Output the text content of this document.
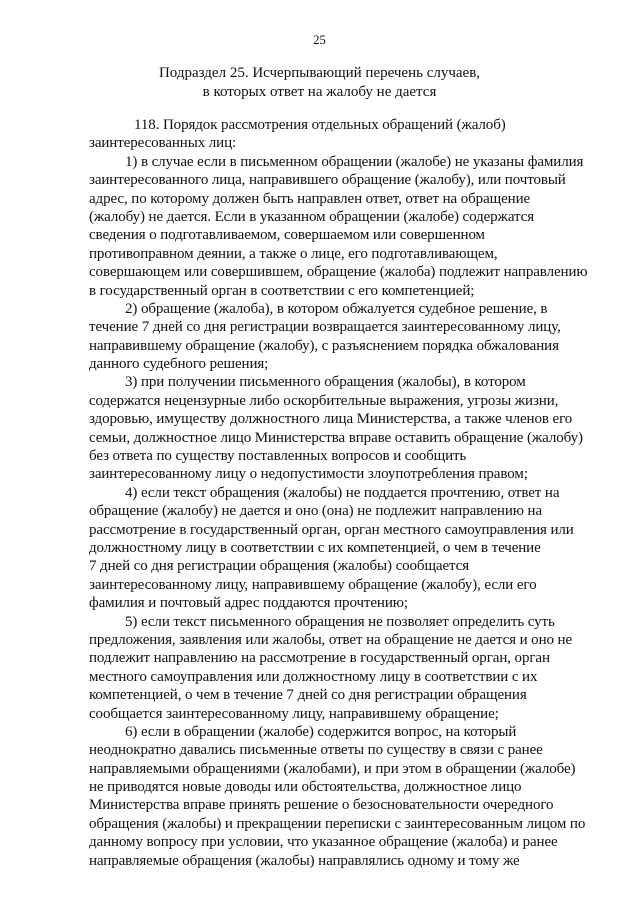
25
Подраздел 25. Исчерпывающий перечень случаев,
в которых ответ на жалобу не дается
118. Порядок рассмотрения отдельных обращений (жалоб)
заинтересованных лиц:
1) в случае если в письменном обращении (жалобе) не указаны фамилия
заинтересованного лица, направившего обращение (жалобу), или почтовый
адрес, по которому должен быть направлен ответ, ответ на обращение
(жалобу) не дается. Если в указанном обращении (жалобе) содержатся
сведения о подготавливаемом, совершаемом или совершенном
противоправном деянии, а также о лице, его подготавливающем,
совершающем или совершившем, обращение (жалоба) подлежит направлению
в государственный орган в соответствии с его компетенцией;
2) обращение (жалоба), в котором обжалуется судебное решение, в
течение 7 дней со дня регистрации возвращается заинтересованному лицу,
направившему обращение (жалобу), с разъяснением порядка обжалования
данного судебного решения;
3) при получении письменного обращения (жалобы), в котором
содержатся нецензурные либо оскорбительные выражения, угрозы жизни,
здоровью, имуществу должностного лица Министерства, а также членов его
семьи, должностное лицо Министерства вправе оставить обращение (жалобу)
без ответа по существу поставленных вопросов и сообщить
заинтересованному лицу о недопустимости злоупотребления правом;
4) если текст обращения (жалобы) не поддается прочтению, ответ на
обращение (жалобу) не дается и оно (она) не подлежит направлению на
рассмотрение в государственный орган, орган местного самоуправления или
должностному лицу в соответствии с их компетенцией, о чем в течение
7 дней со дня регистрации обращения (жалобы) сообщается
заинтересованному лицу, направившему обращение (жалобу), если его
фамилия и почтовый адрес поддаются прочтению;
5) если текст письменного обращения не позволяет определить суть
предложения, заявления или жалобы, ответ на обращение не дается и оно не
подлежит направлению на рассмотрение в государственный орган, орган
местного самоуправления или должностному лицу в соответствии с их
компетенцией, о чем в течение 7 дней со дня регистрации обращения
сообщается заинтересованному лицу, направившему обращение;
6) если в обращении (жалобе) содержится вопрос, на который
неоднократно давались письменные ответы по существу в связи с ранее
направляемыми обращениями (жалобами), и при этом в обращении (жалобе)
не приводятся новые доводы или обстоятельства, должностное лицо
Министерства вправе принять решение о безосновательности очередного
обращения (жалобы) и прекращении переписки с заинтересованным лицом по
данному вопросу при условии, что указанное обращение (жалоба) и ранее
направляемые обращения (жалобы) направлялись одному и тому же
